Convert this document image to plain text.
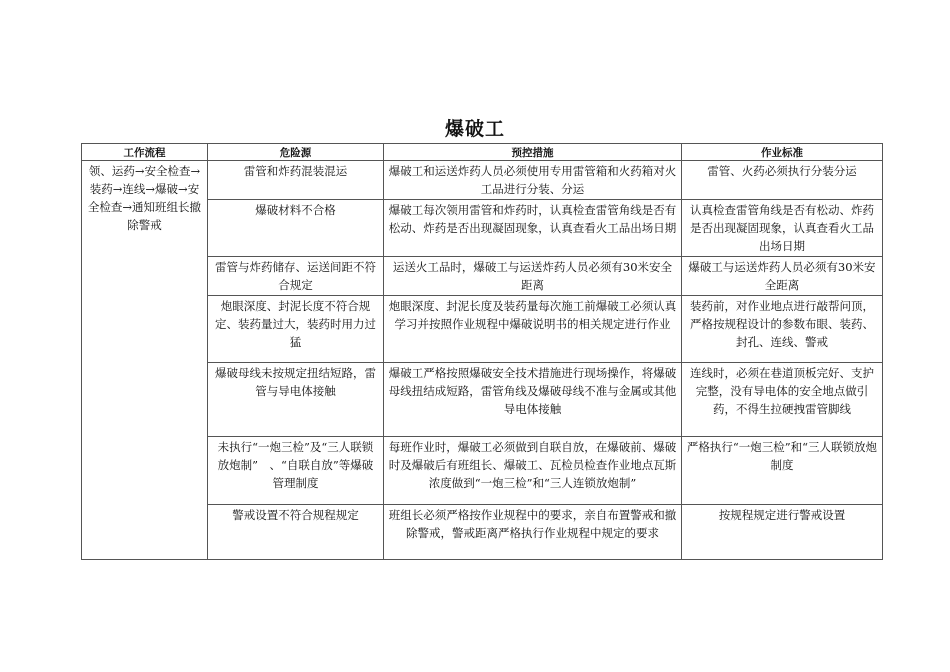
爆破工
工作流程	危险源	预控措施	作业标准
领、运药→安全检查→装药→连线→爆破→安全检查→通知班组长撤除警戒	雷管和炸药混装混运	爆破工和运送炸药人员必须使用专用雷管箱和火药箱对火工品进行分装、分运	雷管、火药必须执行分装分运
	爆破材料不合格	爆破工每次领用雷管和炸药时，认真检查雷管角线是否有松动、炸药是否出现凝固现象，认真查看火工品出场日期	认真检查雷管角线是否有松动、炸药是否出现凝固现象，认真查看火工品出场日期
	雷管与炸药储存、运送间距不符合规定	运送火工品时，爆破工与运送炸药人员必须有30米安全距离	爆破工与运送炸药人员必须有30米安全距离
	炮眼深度、封泥长度不符合规定、装药量过大，装药时用力过猛	炮眼深度、封泥长度及装药量每次施工前爆破工必须认真学习并按照作业规程中爆破说明书的相关规定进行作业	装药前，对作业地点进行敲帮问顶，严格按规程设计的参数布眼、装药、封孔、连线、警戒
	爆破母线未按规定扭结短路，雷管与导电体接触	爆破工严格按照爆破安全技术措施进行现场操作，将爆破母线扭结成短路，雷管角线及爆破母线不准与金属或其他导电体接触	连线时，必须在巷道顶板完好、支护完整，没有导电体的安全地点做引药，不得生拉硬拽雷管脚线
	未执行“一炮三检”及“三人联锁放炮制”　、“自联自放”等爆破管理制度	每班作业时，爆破工必须做到自联自放，在爆破前、爆破时及爆破后有班组长、爆破工、瓦检员检查作业地点瓦斯浓度做到“一炮三检”和“三人连锁放炮制”	严格执行“一炮三检”和“三人联锁放炮制度
	警戒设置不符合规程规定	班组长必须严格按作业规程中的要求，亲自布置警戒和撤除警戒，警戒距离严格执行作业规程中规定的要求	按规程规定进行警戒设置
